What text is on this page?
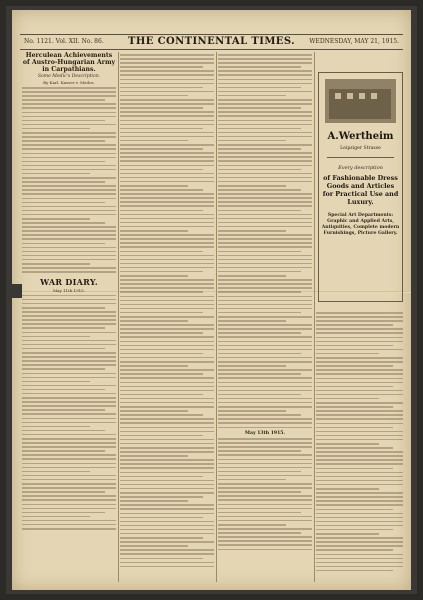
No. 1121. Vol. XII. No. 86.	THE CONTINENTAL TIMES.	WEDNESDAY, MAY 21, 1915.
Herculean Achievements of Austro-Hungarian Army in Carpathians.
Some Medic's Description.
By Karl. Kasser v. Medos.
WAR DIARY.
May 11th 1915.
May 13th 1915.
A.Wertheim
Leipziger Strasse
Every description
of Fashionable Dress Goods and Articles for Practical Use and Luxury.
Special Art Departments: Graphic and Applied Arts, Antiquities, Complete modern Furnishings, Picture Gallery.
